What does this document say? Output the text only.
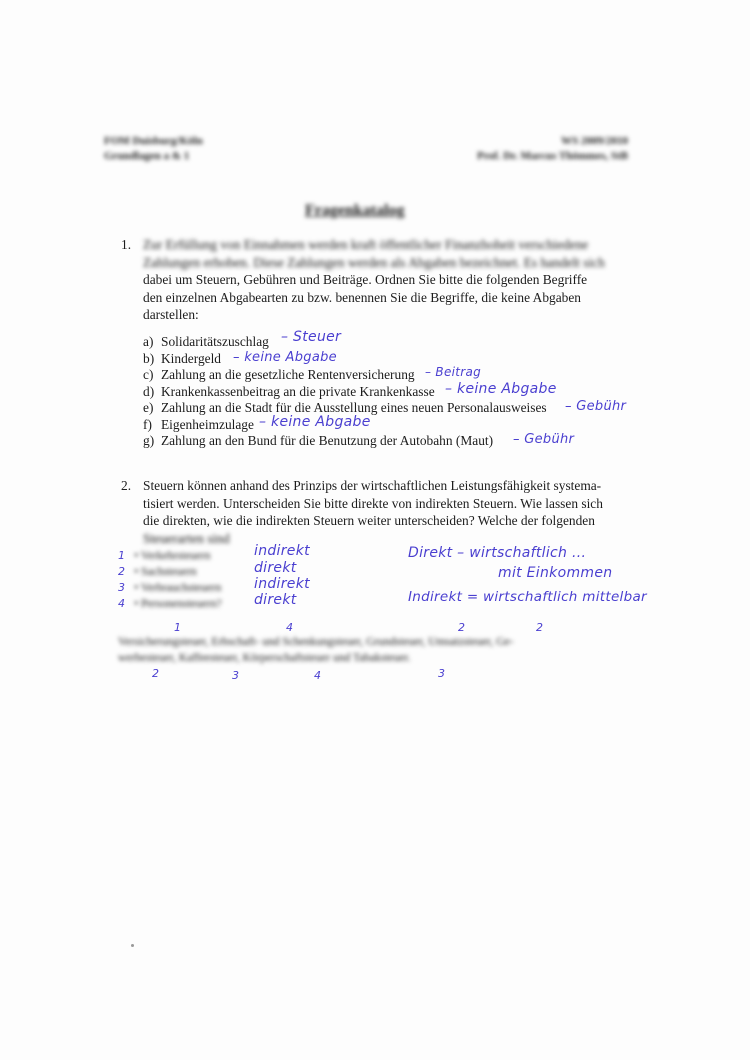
FOM Duisburg/Köln
Grundlagen a & 1
WS 2009/2010
Prof. Dr. Marcus Thömmes, StB
Fragenkatalog
1. Zur Erfüllung von Einnahmen werden kraft öffentlicher Finanzhoheit verschiedene
Zahlungen erhoben. Diese Zahlungen werden als Abgaben bezeichnet. Es handelt sich
dabei um Steuern, Gebühren und Beiträge. Ordnen Sie bitte die folgenden Begriffe
den einzelnen Abgabearten zu bzw. benennen Sie die Begriffe, die keine Abgaben
darstellen:
a) Solidaritätszuschlag – Steuer
b) Kindergeld – keine Abgabe
c) Zahlung an die gesetzliche Rentenversicherung – Beitrag
d) Krankenkassenbeitrag an die private Krankenkasse – keine Abgabe
e) Zahlung an die Stadt für die Ausstellung eines neuen Personalausweises – Gebühr
f) Eigenheimzulage – keine Abgabe
g) Zahlung an den Bund für die Benutzung der Autobahn (Maut) – Gebühr
2. Steuern können anhand des Prinzips der wirtschaftlichen Leistungsfähigkeit systema-
tisiert werden. Unterscheiden Sie bitte direkte von indirekten Steuern. Wie lassen sich
die direkten, wie die indirekten Steuern weiter unterscheiden? Welche der folgenden
Steuerarten sind
1 • Verkehrsteuern	indirekt
2 • Sachsteuern	direkt
3 • Verbrauchsteuern indirekt
4 • Personensteuern? direkt
Direkt – wirtschaftlich ...
mit Einkommen
Indirekt = wirtschaftlich mittelbar
1	4	2	2
Versicherungsteuer, Erbschaft- und Schenkungsteuer, Grundsteuer, Umsatzsteuer, Ge-
werbesteuer, Kaffeesteuer, Körperschaftsteuer und Tabaksteuer.
2	3	4	3
